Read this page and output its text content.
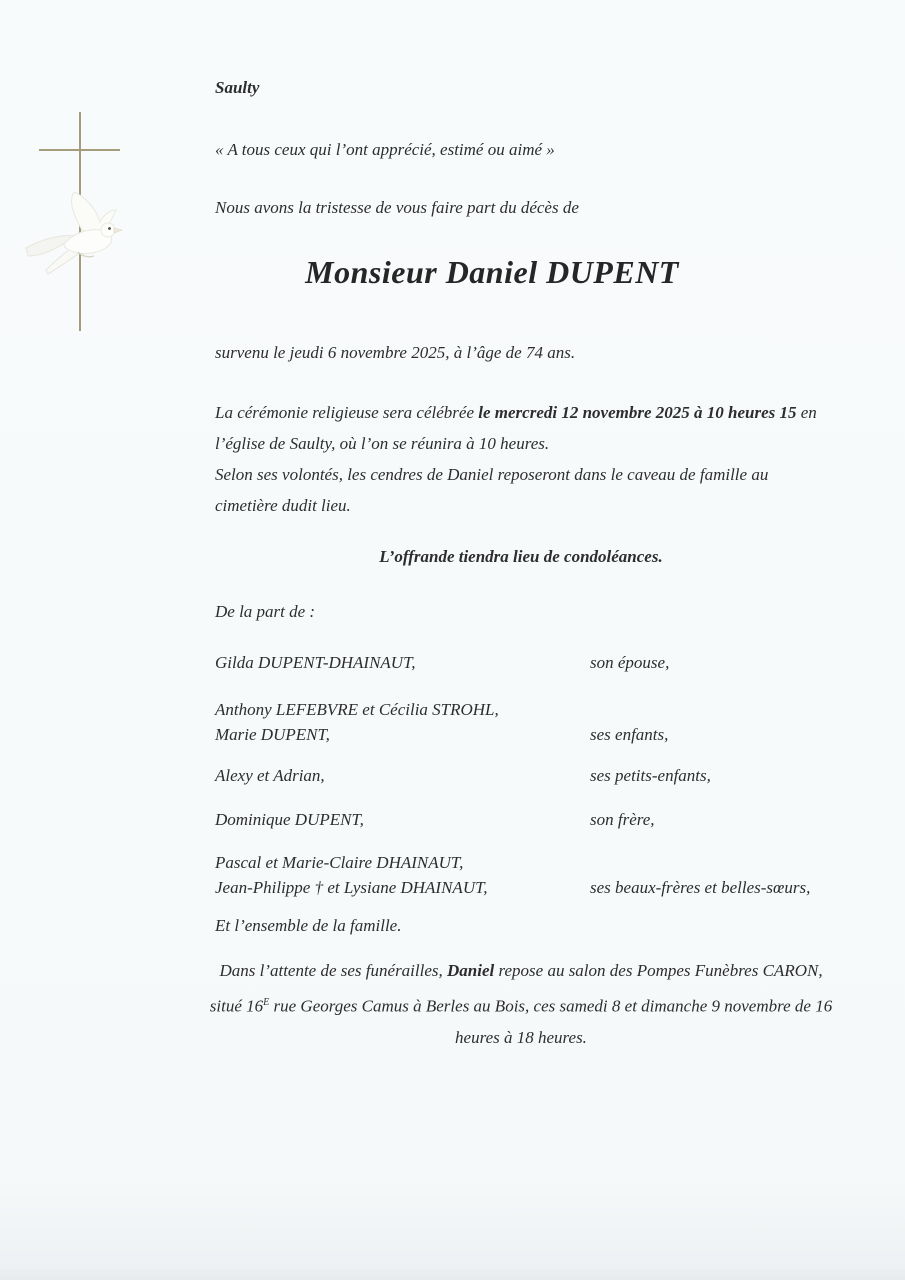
Saulty
« A tous ceux qui l’ont apprécié, estimé ou aimé »
Nous avons la tristesse de vous faire part du décès de
Monsieur Daniel DUPENT
survenu le jeudi 6 novembre 2025, à l’âge de 74 ans.

La cérémonie religieuse sera célébrée le mercredi 12 novembre 2025 à 10 heures 15 en l’église de Saulty, où l’on se réunira à 10 heures.

Selon ses volontés, les cendres de Daniel reposeront dans le caveau de famille au cimetière dudit lieu.

L’offrande tiendra lieu de condoléances.
De la part de :
Gilda DUPENT-DHAINAUT,	son épouse,
Anthony LEFEBVRE et Cécilia STROHL,
Marie DUPENT,	ses enfants,
Alexy et Adrian,	ses petits-enfants,
Dominique DUPENT,	son frère,
Pascal et Marie-Claire DHAINAUT,
Jean-Philippe † et Lysiane DHAINAUT,	ses beaux-frères et belles-sœurs,
Et l’ensemble de la famille.
Dans l’attente de ses funérailles, Daniel repose au salon des Pompes Funèbres CARON, situé $16^E$ rue Georges Camus à Berles au Bois, ces samedi 8 et dimanche 9 novembre de 16 heures à 18 heures.
